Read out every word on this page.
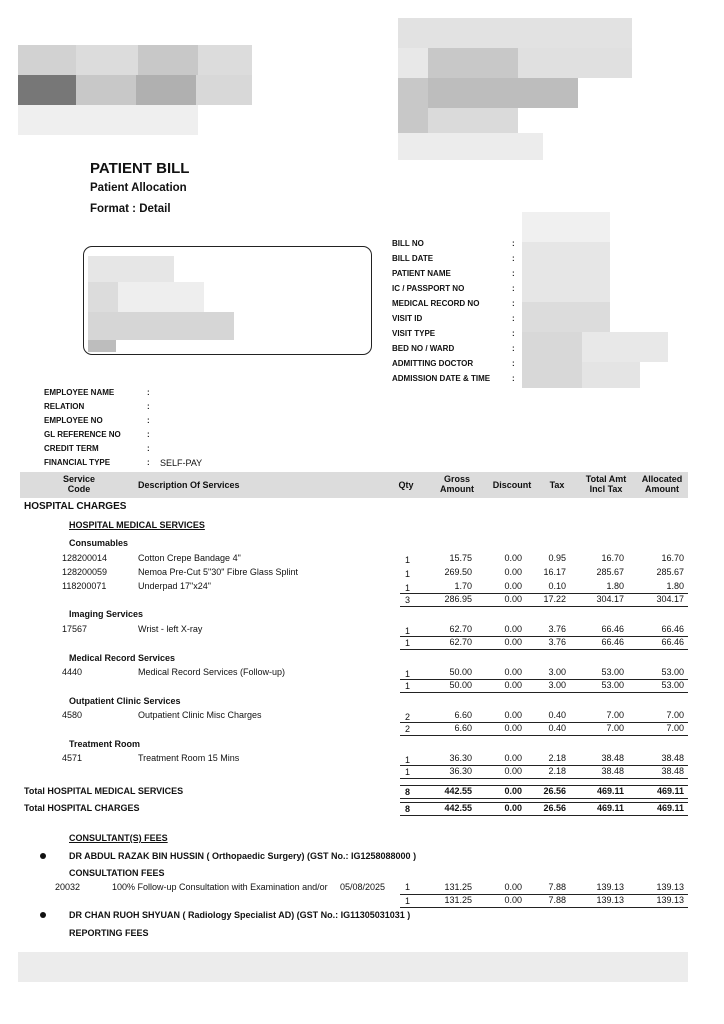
PATIENT BILL
Patient Allocation
Format : Detail
BILL NO	:
BILL DATE	:
PATIENT NAME	:
IC / PASSPORT NO	:
MEDICAL RECORD NO	:
VISIT ID	:
VISIT TYPE	:
BED NO / WARD	:
ADMITTING DOCTOR	:
ADMISSION DATE & TIME	:
EMPLOYEE NAME	:
RELATION	:
EMPLOYEE NO	:
GL REFERENCE NO	:
CREDIT TERM	:
FINANCIAL TYPE	: SELF-PAY
Service Code	Description Of Services	Qty
Gross Amount	Discount	Tax
Total Amt Incl Tax
Allocated Amount
HOSPITAL CHARGES
HOSPITAL MEDICAL SERVICES
Consumables
128200014	Cotton Crepe Bandage 4"	1	15.75	0.00	0.95	16.70	16.70
128200059	Nemoa Pre-Cut 5"30" Fibre Glass Splint	1	269.50	0.00	16.17	285.67	285.67
118200071	Underpad 17"x24"	1	1.70	0.00	0.10	1.80	1.80
3	286.95	0.00	17.22	304.17	304.17
Imaging Services
17567	Wrist - left X-ray	1	62.70	0.00	3.76	66.46	66.46
1	62.70	0.00	3.76	66.46	66.46
Medical Record Services
4440	Medical Record Services (Follow-up)	1	50.00	0.00	3.00	53.00	53.00
1	50.00	0.00	3.00	53.00	53.00
Outpatient Clinic Services
4580	Outpatient Clinic Misc Charges	2	6.60	0.00	0.40	7.00	7.00
2	6.60	0.00	0.40	7.00	7.00
Treatment Room
4571	Treatment Room 15 Mins	1	36.30	0.00	2.18	38.48	38.48
1	36.30	0.00	2.18	38.48	38.48
Total HOSPITAL MEDICAL SERVICES	8	442.55	0.00	26.56	469.11	469.11
Total HOSPITAL CHARGES	8	442.55	0.00	26.56	469.11	469.11
CONSULTANT(S) FEES
DR ABDUL RAZAK BIN HUSSIN ( Orthopaedic Surgery) (GST No.: IG1258088000 )
CONSULTATION FEES
20032	100% Follow-up Consultation with Examination and/or 05/08/2025	1	131.25	0.00	7.88	139.13	139.13
1	131.25	0.00	7.88	139.13	139.13
DR CHAN RUOH SHYUAN ( Radiology Specialist AD) (GST No.: IG11305031031 )
REPORTING FEES
